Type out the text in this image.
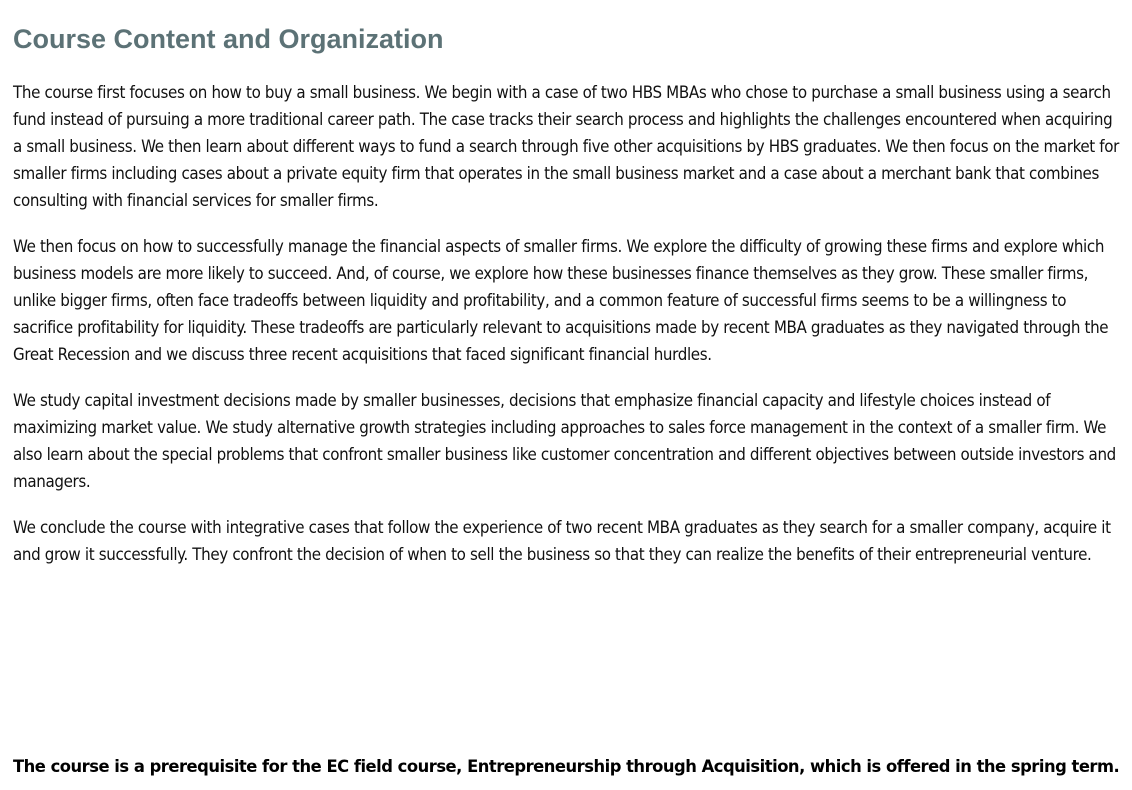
Course Content and Organization

The course first focuses on how to buy a small business. We begin with a case of two HBS MBAs who chose to purchase a small business using a search fund instead of pursuing a more traditional career path. The case tracks their search process and highlights the challenges encountered when acquiring a small business. We then learn about different ways to fund a search through five other acquisitions by HBS graduates. We then focus on the market for smaller firms including cases about a private equity firm that operates in the small business market and a case about a merchant bank that combines consulting with financial services for smaller firms.

We then focus on how to successfully manage the financial aspects of smaller firms. We explore the difficulty of growing these firms and explore which business models are more likely to succeed. And, of course, we explore how these businesses finance themselves as they grow. These smaller firms, unlike bigger firms, often face tradeoffs between liquidity and profitability, and a common feature of successful firms seems to be a willingness to sacrifice profitability for liquidity. These tradeoffs are particularly relevant to acquisitions made by recent MBA graduates as they navigated through the Great Recession and we discuss three recent acquisitions that faced significant financial hurdles.

We study capital investment decisions made by smaller businesses, decisions that emphasize financial capacity and lifestyle choices instead of maximizing market value. We study alternative growth strategies including approaches to sales force management in the context of a smaller firm. We also learn about the special problems that confront smaller business like customer concentration and different objectives between outside investors and managers.

We conclude the course with integrative cases that follow the experience of two recent MBA graduates as they search for a smaller company, acquire it and grow it successfully. They confront the decision of when to sell the business so that they can realize the benefits of their entrepreneurial venture.

The course is a prerequisite for the EC field course, Entrepreneurship through Acquisition, which is offered in the spring term.
